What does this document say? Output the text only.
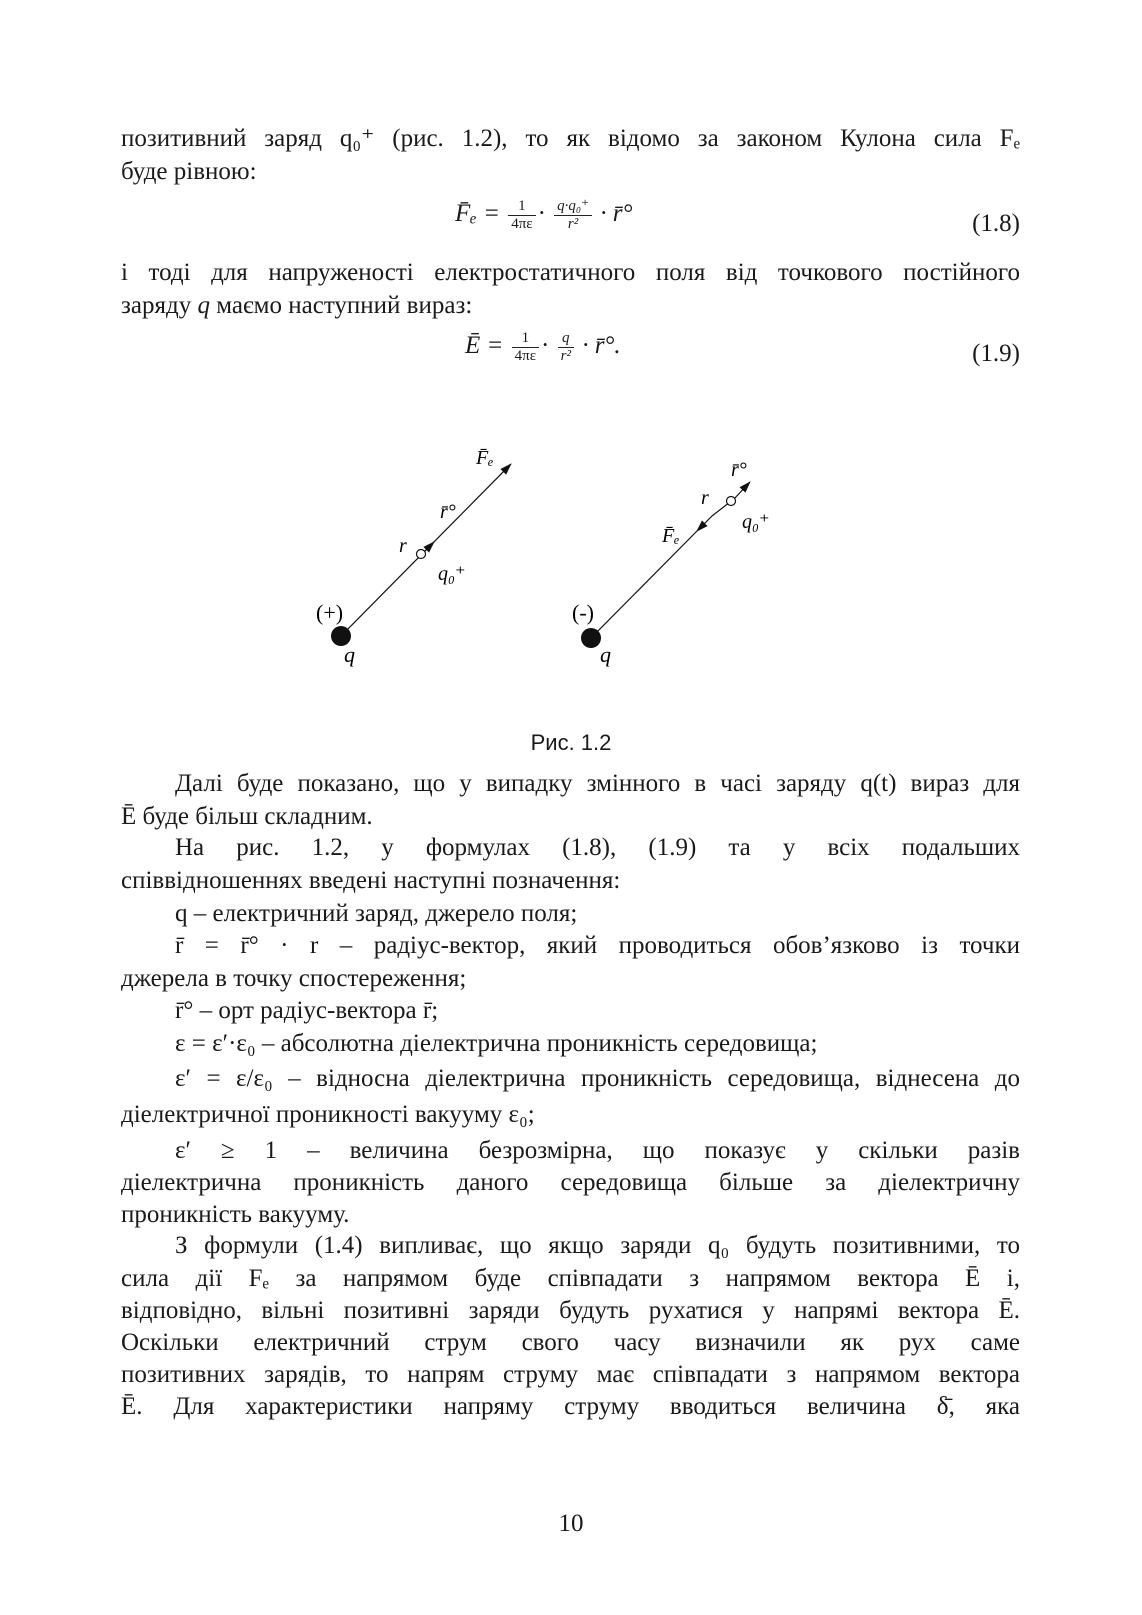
позитивний заряд q₀⁺ (рис. 1.2), то як відомо за законом Кулона сила Fₑ
буде рівною:
F̄ₑ = $\frac{1}{4\pi\varepsilon} \cdot \frac{\text{q·q₀⁺}}{\text{r²}}$ · r̄°	(1.8)
і тоді для напруженості електростатичного поля від точкового постійного
заряду q маємо наступний вираз:
Ē = $\frac{1}{4\pi\varepsilon} \cdot \frac{q}{\text{r²}}$ · r̄°.	(1.9)
(+)
q
r
r̄°
F̄ₑ
q₀⁺
(-)
q
r
r̄°
F̄ₑ
q₀⁺
Рис. 1.2
Далі буде показано, що у випадку змінного в часі заряду q(t) вираз для
Ē буде більш складним.
На рис. 1.2, у формулах (1.8), (1.9) та у всіх подальших
співвідношеннях введені наступні позначення:
q – електричний заряд, джерело поля;
r̄ = r̄° · r – радіус-вектор, який проводиться обов’язково із точки
джерела в точку спостереження;
r̄° – орт радіус-вектора r̄;
ε = ε′·ε₀ – абсолютна діелектрична проникність середовища;
ε′ = ε/ε₀ – відносна діелектрична проникність середовища, віднесена до
діелектричної проникності вакууму ε₀;
ε′ ≥ 1 – величина безрозмірна, що показує у скільки разів
діелектрична проникність даного середовища більше за діелектричну
проникність вакууму.
З формули (1.4) випливає, що якщо заряди q₀ будуть позитивними, то
сила дії Fₑ за напрямом буде співпадати з напрямом вектора Ē і,
відповідно, вільні позитивні заряди будуть рухатися у напрямі вектора Ē.
Оскільки електричний струм свого часу визначили як рух саме
позитивних зарядів, то напрям струму має співпадати з напрямом вектора
Ē. Для характеристики напряму струму вводиться величина δ̄, яка
10
